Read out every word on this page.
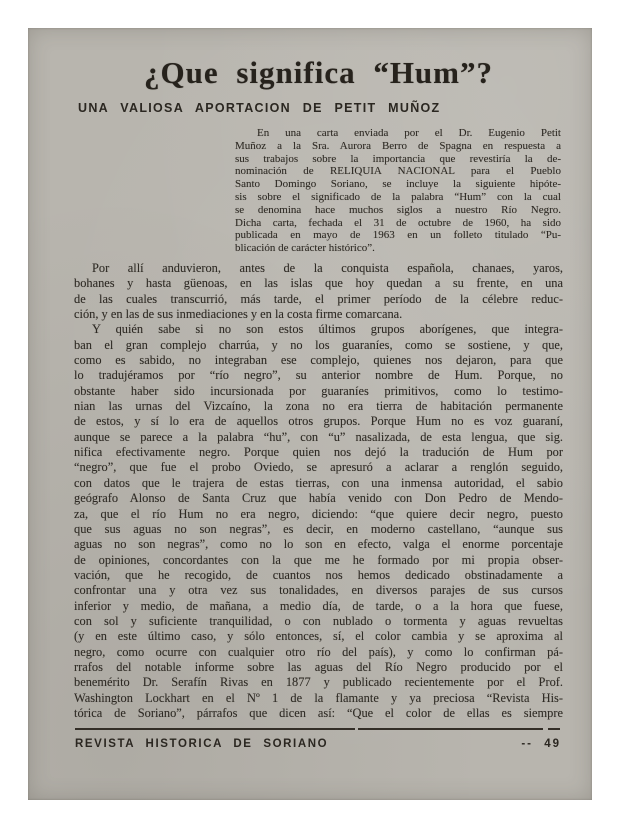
¿Que significa “Hum”?
UNA VALIOSA APORTACION DE PETIT MUÑOZ
En una carta enviada por el Dr. Eugenio Petit
Muñoz a la Sra. Aurora Berro de Spagna en respuesta a
sus trabajos sobre la importancia que revestiría la de-
nominación de RELIQUIA NACIONAL para el Pueblo
Santo Domingo Soriano, se incluye la siguiente hipóte-
sis sobre el significado de la palabra “Hum” con la cual
se denomina hace muchos siglos a nuestro Río Negro.
Dicha carta, fechada el 31 de octubre de 1960, ha sido
publicada en mayo de 1963 en un folleto titulado “Pu-
blicación de carácter histórico”.
Por allí anduvieron, antes de la conquista española, chanaes, yaros,
bohanes y hasta güenoas, en las islas que hoy quedan a su frente, en una
de las cuales transcurrió, más tarde, el primer período de la célebre reduc-
ción, y en las de sus inmediaciones y en la costa firme comarcana.
Y quién sabe si no son estos últimos grupos aborígenes, que integra-
ban el gran complejo charrúa, y no los guaraníes, como se sostiene, y que,
como es sabido, no integraban ese complejo, quienes nos dejaron, para que
lo tradujéramos por “río negro”, su anterior nombre de Hum. Porque, no
obstante haber sido incursionada por guaraníes primitivos, como lo testimo-
nian las urnas del Vizcaíno, la zona no era tierra de habitación permanente
de estos, y sí lo era de aquellos otros grupos. Porque Hum no es voz guaraní,
aunque se parece a la palabra “hu”, con “u” nasalizada, de esta lengua, que sig.
nifica efectivamente negro. Porque quien nos dejó la tradución de Hum por
“negro”, que fue el probo Oviedo, se apresuró a aclarar a renglón seguido,
con datos que le trajera de estas tierras, con una inmensa autoridad, el sabio
geógrafo Alonso de Santa Cruz que había venido con Don Pedro de Mendo-
za, que el río Hum no era negro, diciendo: “que quiere decir negro, puesto
que sus aguas no son negras”, es decir, en moderno castellano, “aunque sus
aguas no son negras”, como no lo son en efecto, valga el enorme porcentaje
de opiniones, concordantes con la que me he formado por mi propia obser-
vación, que he recogido, de cuantos nos hemos dedicado obstinadamente a
confrontar una y otra vez sus tonalidades, en diversos parajes de sus cursos
inferior y medio, de mañana, a medio día, de tarde, o a la hora que fuese,
con sol y suficiente tranquilidad, o con nublado o tormenta y aguas revueltas
(y en este último caso, y sólo entonces, sí, el color cambia y se aproxima al
negro, como ocurre con cualquier otro río del país), y como lo confirman pá-
rrafos del notable informe sobre las aguas del Río Negro producido por el
benemérito Dr. Serafín Rivas en 1877 y publicado recientemente por el Prof.
Washington Lockhart en el Nº 1 de la flamante y ya preciosa “Revista His-
tórica de Soriano”, párrafos que dicen así: “Que el color de ellas es siempre
REVISTA HISTORICA DE SORIANO	-- 49
